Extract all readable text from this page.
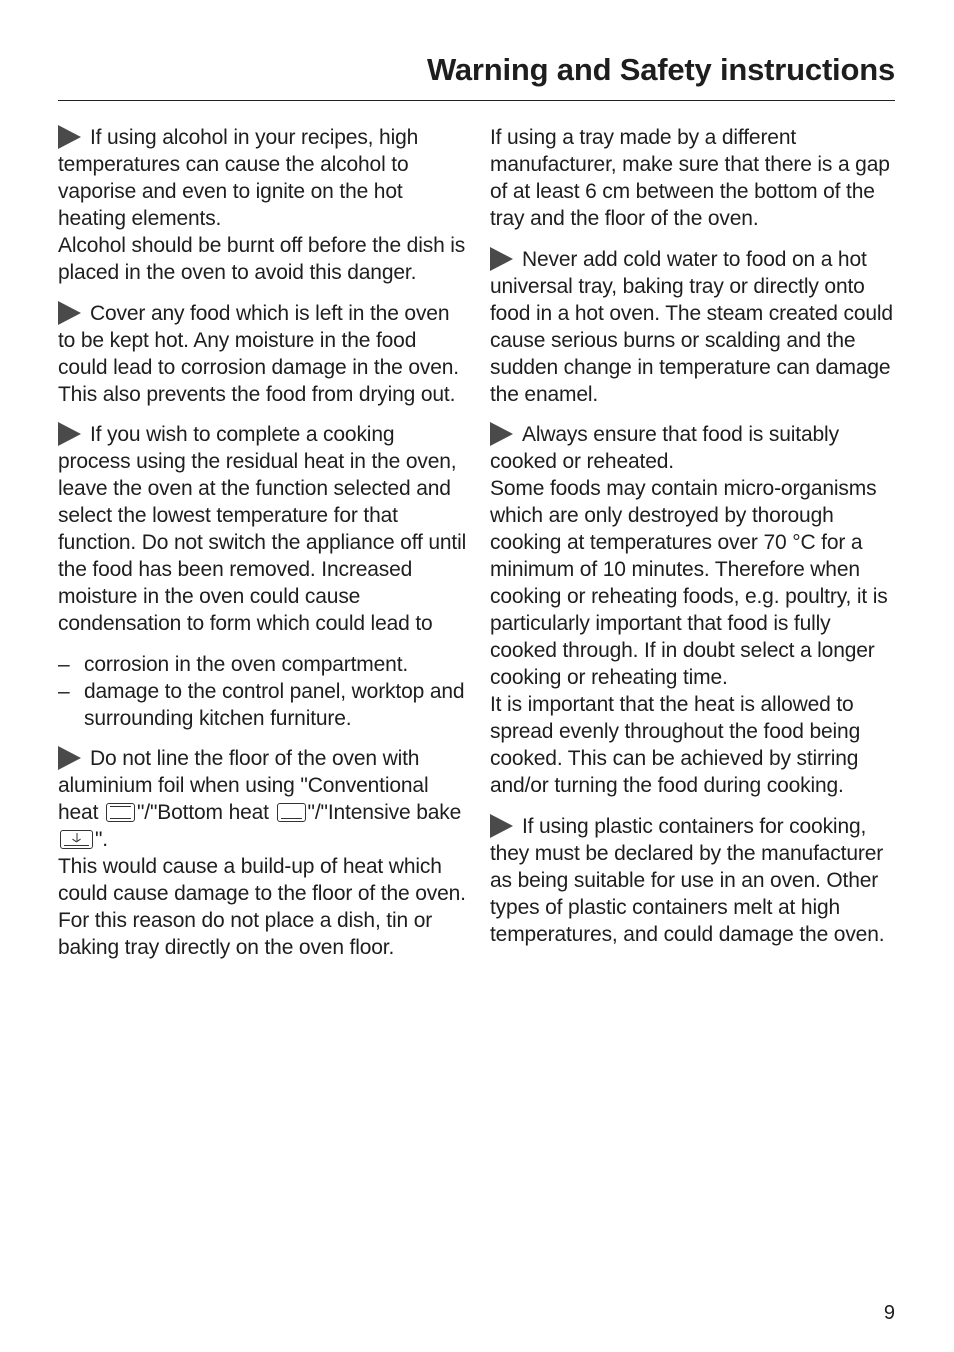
Warning and Safety instructions

If using alcohol in your recipes, high temperatures can cause the alcohol to vaporise and even to ignite on the hot heating elements.

Alcohol should be burnt off before the dish is placed in the oven to avoid this danger.

Cover any food which is left in the oven to be kept hot. Any moisture in the food could lead to corrosion damage in the oven. This also prevents the food from drying out.

If you wish to complete a cooking process using the residual heat in the oven, leave the oven at the function selected and select the lowest temperature for that function. Do not switch the appliance off until the food has been removed. Increased moisture in the oven could cause condensation to form which could lead to

– corrosion in the oven compartment.
– damage to the control panel, worktop and surrounding kitchen furniture.

Do not line the floor of the oven with aluminium foil when using "Conventional heat
"/"Bottom heat
"/"Intensive bake
".

This would cause a build-up of heat which could cause damage to the floor of the oven.

For this reason do not place a dish, tin or baking tray directly on the oven floor.

If using a tray made by a different manufacturer, make sure that there is a gap of at least 6 cm between the bottom of the tray and the floor of the oven.

Never add cold water to food on a hot universal tray, baking tray or directly onto food in a hot oven. The steam created could cause serious burns or scalding and the sudden change in temperature can damage the enamel.

Always ensure that food is suitably cooked or reheated.

Some foods may contain micro-organisms which are only destroyed by thorough cooking at temperatures over 70 °C for a minimum of 10 minutes. Therefore when cooking or reheating foods, e.g. poultry, it is particularly important that food is fully cooked through. If in doubt select a longer cooking or reheating time.

It is important that the heat is allowed to spread evenly throughout the food being cooked. This can be achieved by stirring and/or turning the food during cooking.

If using plastic containers for cooking, they must be declared by the manufacturer as being suitable for use in an oven. Other types of plastic containers melt at high temperatures, and could damage the oven.

9
